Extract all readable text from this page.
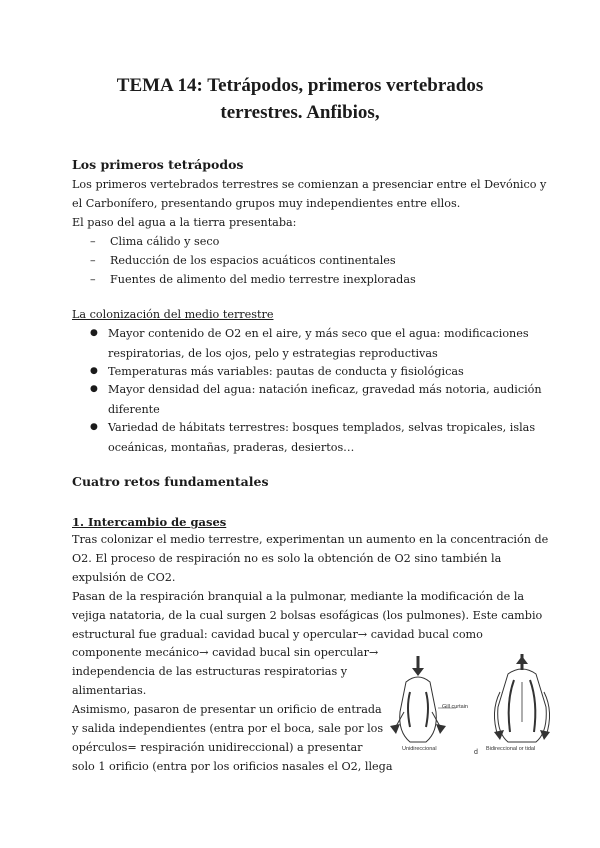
TEMA 14: Tetrápodos, primeros vertebrados
terrestres. Anfibios,
Los primeros tetrápodos
Los primeros vertebrados terrestres se comienzan a presenciar entre el Devónico y
el Carbonífero, presentando grupos muy independientes entre ellos.
El paso del agua a la tierra presentaba:
– Clima cálido y seco
– Reducción de los espacios acuáticos continentales
– Fuentes de alimento del medio terrestre inexploradas
La colonización del medio terrestre
● Mayor contenido de O2 en el aire, y más seco que el agua: modificaciones
respiratorias, de los ojos, pelo y estrategias reproductivas
● Temperaturas más variables: pautas de conducta y fisiológicas
● Mayor densidad del agua: natación ineficaz, gravedad más notoria, audición
diferente
● Variedad de hábitats terrestres: bosques templados, selvas tropicales, islas
oceánicas, montañas, praderas, desiertos…
Cuatro retos fundamentales
1. Intercambio de gases
Tras colonizar el medio terrestre, experimentan un aumento en la concentración de
O2. El proceso de respiración no es solo la obtención de O2 sino también la
expulsión de CO2.
Pasan de la respiración branquial a la pulmonar, mediante la modificación de la
vejiga natatoria, de la cual surgen 2 bolsas esofágicas (los pulmones). Este cambio
estructural fue gradual: cavidad bucal y opercular→ cavidad bucal como
componente mecánico→ cavidad bucal sin opercular→
independencia de las estructuras respiratorias y
alimentarias.
Asimismo, pasaron de presentar un orificio de entrada
y salida independientes (entra por el boca, sale por los
opérculos= respiración unidireccional) a presentar
solo 1 orificio (entra por los orificios nasales el O2, llega
Gill curtain
Unidireccional	Bidireccional or tidal
d
